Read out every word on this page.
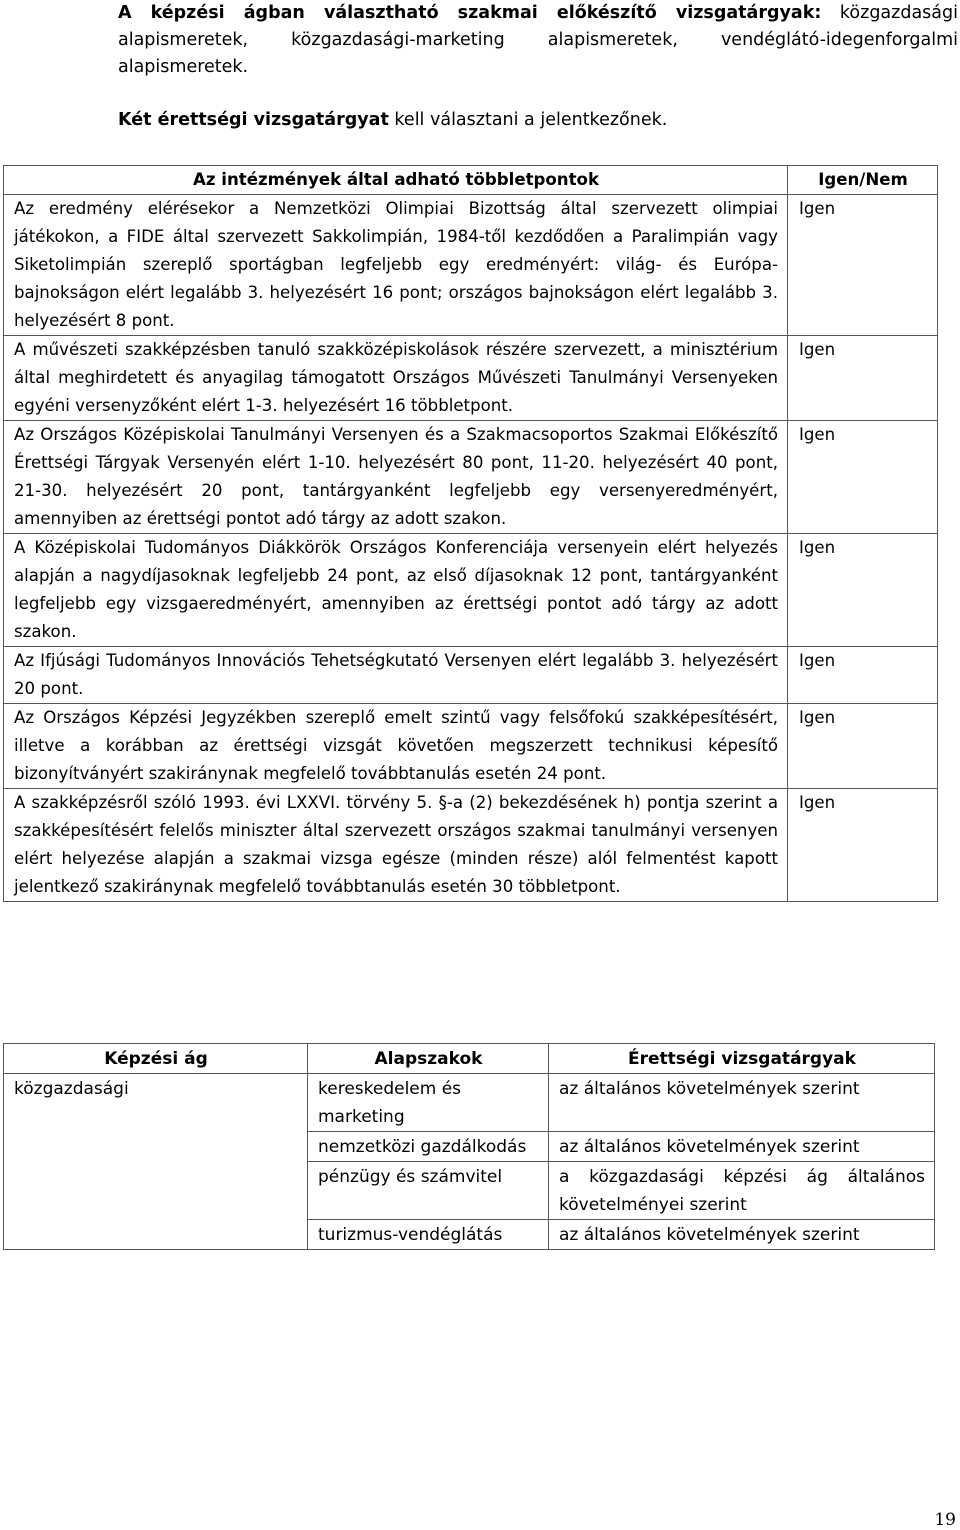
A képzési ágban választható szakmai előkészítő vizsgatárgyak: közgazdasági alapismeretek, közgazdasági-marketing alapismeretek, vendéglátó-idegenforgalmi alapismeretek.
Két érettségi vizsgatárgyat kell választani a jelentkezőnek.
Az intézmények által adható többletpontok	Igen/Nem
Az eredmény elérésekor a Nemzetközi Olimpiai Bizottság által szervezett olimpiai játékokon, a FIDE által szervezett Sakkolimpián, 1984-től kezdődően a Paralimpián vagy Siketolimpián szereplő sportágban legfeljebb egy eredményért: világ- és Európa-bajnokságon elért legalább 3. helyezésért 16 pont; országos bajnokságon elért legalább 3. helyezésért 8 pont.	Igen
A művészeti szakképzésben tanuló szakközépiskolások részére szervezett, a minisztérium által meghirdetett és anyagilag támogatott Országos Művészeti Tanulmányi Versenyeken egyéni versenyzőként elért 1-3. helyezésért 16 többletpont.	Igen
Az Országos Középiskolai Tanulmányi Versenyen és a Szakmacsoportos Szakmai Előkészítő Érettségi Tárgyak Versenyén elért 1-10. helyezésért 80 pont, 11-20. helyezésért 40 pont, 21-30. helyezésért 20 pont, tantárgyanként legfeljebb egy versenyeredményért, amennyiben az érettségi pontot adó tárgy az adott szakon.	Igen
A Középiskolai Tudományos Diákkörök Országos Konferenciája versenyein elért helyezés alapján a nagydíjasoknak legfeljebb 24 pont, az első díjasoknak 12 pont, tantárgyanként legfeljebb egy vizsgaeredményért, amennyiben az érettségi pontot adó tárgy az adott szakon.	Igen
Az Ifjúsági Tudományos Innovációs Tehetségkutató Versenyen elért legalább 3. helyezésért 20 pont.	Igen
Az Országos Képzési Jegyzékben szereplő emelt szintű vagy felsőfokú szakképesítésért, illetve a korábban az érettségi vizsgát követően megszerzett technikusi képesítő bizonyítványért szakiránynak megfelelő továbbtanulás esetén 24 pont.	Igen
A szakképzésről szóló 1993. évi LXXVI. törvény 5. §-a (2) bekezdésének h) pontja szerint a szakképesítésért felelős miniszter által szervezett országos szakmai tanulmányi versenyen elért helyezése alapján a szakmai vizsga egésze (minden része) alól felmentést kapott jelentkező szakiránynak megfelelő továbbtanulás esetén 30 többletpont.	Igen
Képzési ág	Alapszakok	Érettségi vizsgatárgyak
közgazdasági	kereskedelem és marketing	az általános követelmények szerint
	nemzetközi gazdálkodás	az általános követelmények szerint
	pénzügy és számvitel	a közgazdasági képzési ág általános követelményei szerint
	turizmus-vendéglátás	az általános követelmények szerint
19
